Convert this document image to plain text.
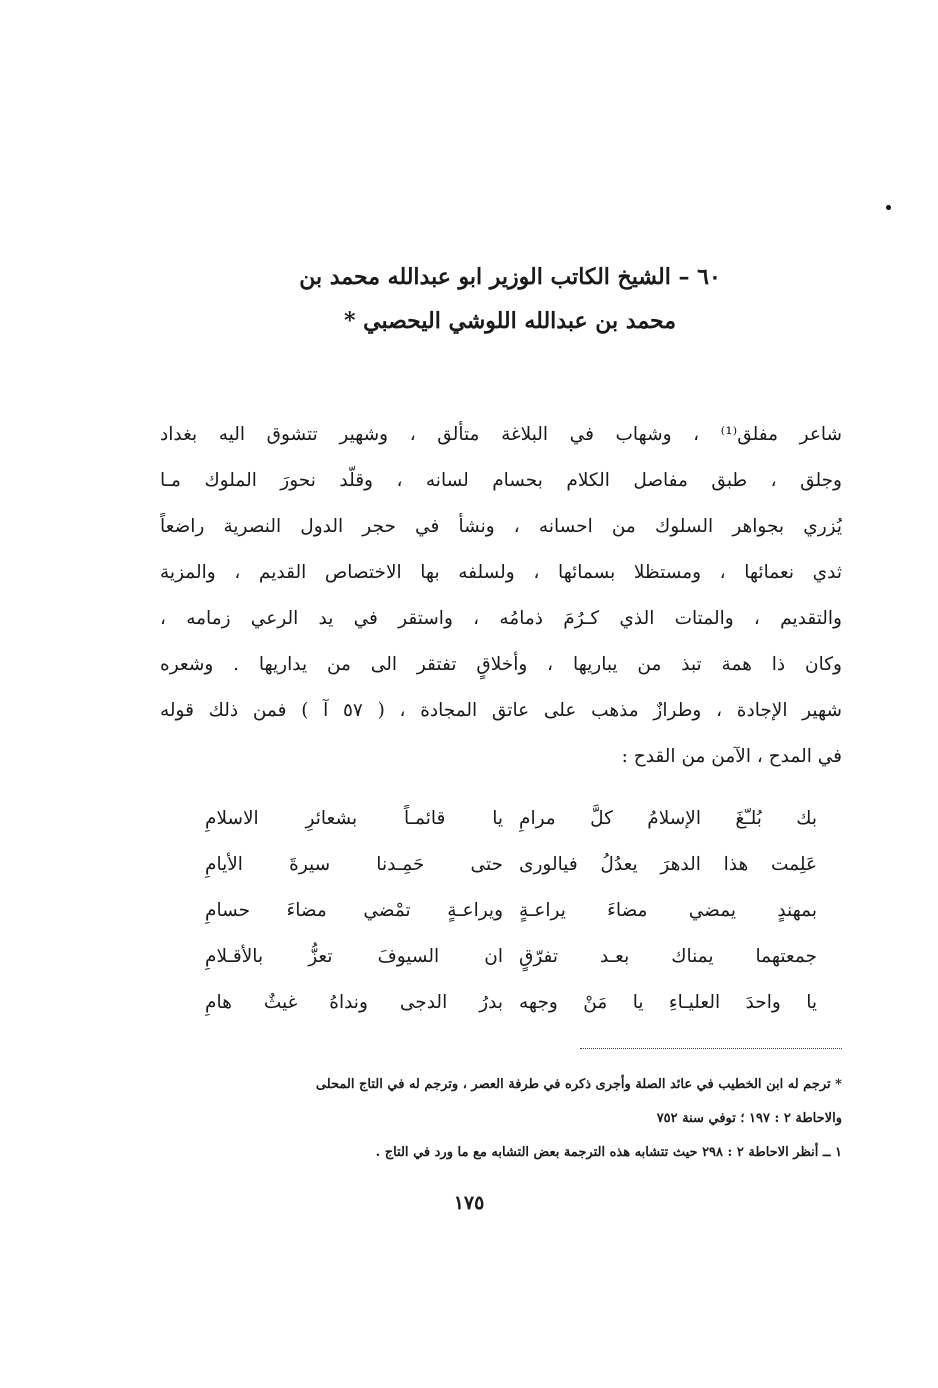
٦٠ – الشيخ الكاتب الوزير ابو عبدالله محمد بن
محمد بن عبدالله اللوشي اليحصبي *
شاعر مفلق⁽¹⁾ ، وشهاب في البلاغة متألق ، وشهير تتشوق اليه بغداد
وجلق ، طبق مفاصل الكلام بحسام لسانه ، وقلّد نحورَ الملوك مـا
يُزري بجواهر السلوك من احسانه ، ونشأ في حجر الدول النصرية راضعاً
ثدي نعمائها ، ومستظلا بسمائها ، ولسلفه بها الاختصاص القديم ، والمزية
والتقديم ، والمتات الذي كـرُمَ ذمامُه ، واستقر في يد الرعي زمامه ،
وكان ذا همة تبذ من يباريها ، وأخلاقٍ تفتقر الى من يداريها . وشعره
شهير الإجادة ، وطرازٌ مذهب على عاتق المجادة ، ( ٥٧ آ ) فمن ذلك قوله
في المدح ، الآمن من القدح :
بك بُلـّغَ الإسلامُ كلَّ مرامِ
يا قائمـاً بشعائرِ الاسلامِ
عَلِمت هذا الدهرَ يعدُلُ فيالورى
حتى حَمِـدنا سيرةَ الأيامِ
بمهندٍ يمضي مضاءَ يراعـةٍ
ويراعـةٍ تمْضي مضاءَ حسامِ
جمعتهما يمناك بعـد تفرّقٍ
ان السيوفَ تعزُّ بالأقـلامِ
يا واحدَ العليـاءِ يا مَنْ وجهه
بدرُ الدجى ونداهُ غيثٌ هامِ
* ترجم له ابن الخطيب في عائد الصلة وأجرى ذكره في طرفة العصر ، وترجم له في التاج المحلى
والاحاطة ٢ : ١٩٧ ؛ توفي سنة ٧٥٢
١ ــ أنظر الاحاطة ٢ : ٢٩٨ حيث تتشابه هذه الترجمة بعض التشابه مع ما ورد في التاج .
١٧٥
